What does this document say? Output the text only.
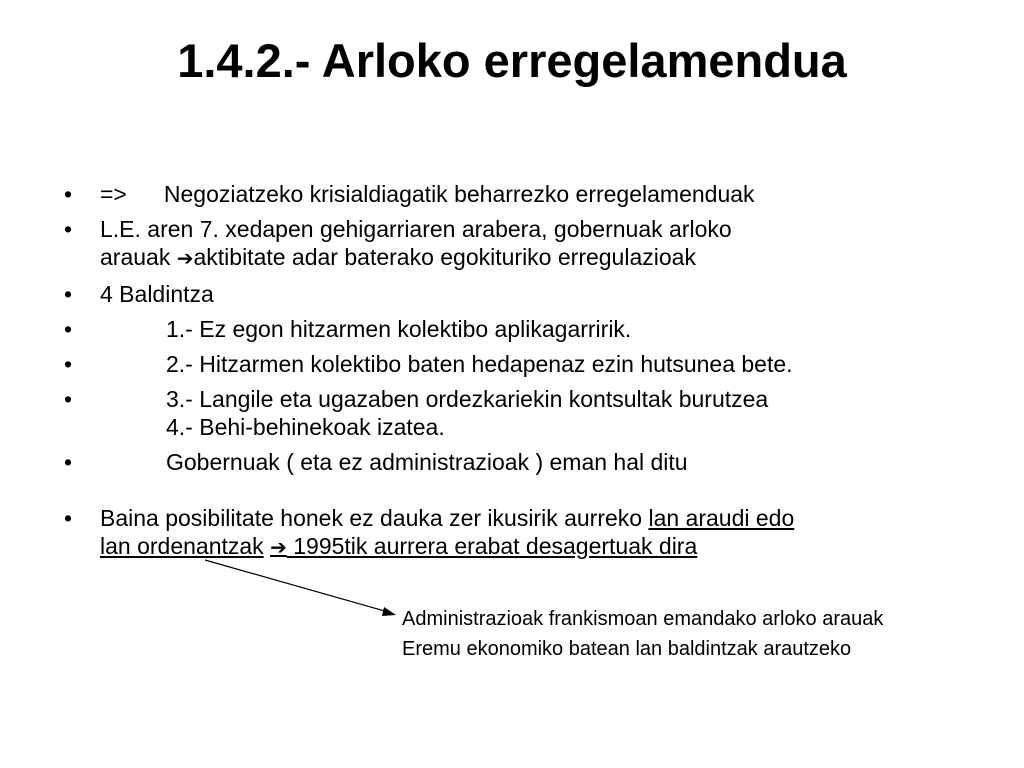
1.4.2.- Arloko erregelamendua
• => Negoziatzeko krisialdiagatik beharrezko erregelamenduak
• L.E. aren 7. xedapen gehigarriaren arabera, gobernuak arloko
arauak ➔aktibitate adar baterako egokituriko erregulazioak
• 4 Baldintza
•	1.- Ez egon hitzarmen kolektibo aplikagarririk.
•	2.- Hitzarmen kolektibo baten hedapenaz ezin hutsunea bete.
•	3.- Langile eta ugazaben ordezkariekin kontsultak burutzea
4.- Behi-behinekoak izatea.
•	Gobernuak ( eta ez administrazioak ) eman hal ditu
• Baina posibilitate honek ez dauka zer ikusirik aurreko lan araudi edo
lan ordenantzak ➔ 1995tik aurrera erabat desagertuak dira
Administrazioak frankismoan emandako arloko arauak
Eremu ekonomiko batean lan baldintzak arautzeko
